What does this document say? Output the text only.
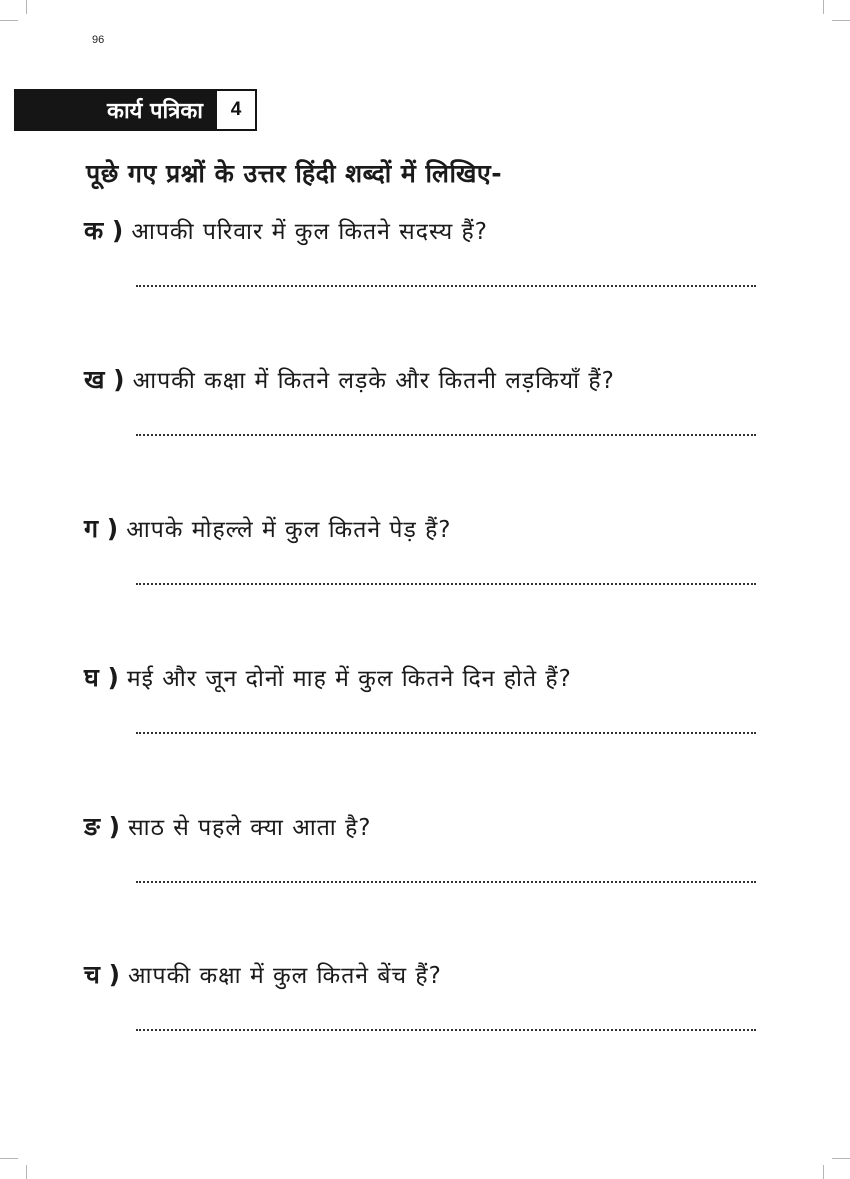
96
कार्य पत्रिका	4
पूछे गए प्रश्नों के उत्तर हिंदी शब्दों में लिखिए-
क ) आपकी परिवार में कुल कितने सदस्य हैं?
ख ) आपकी कक्षा में कितने लड़के और कितनी लड़कियाँ हैं?
ग ) आपके मोहल्ले में कुल कितने पेड़ हैं?
घ ) मई और जून दोनों माह में कुल कितने दिन होते हैं?
ङ ) साठ से पहले क्या आता है?
च ) आपकी कक्षा में कुल कितने बेंच हैं?
